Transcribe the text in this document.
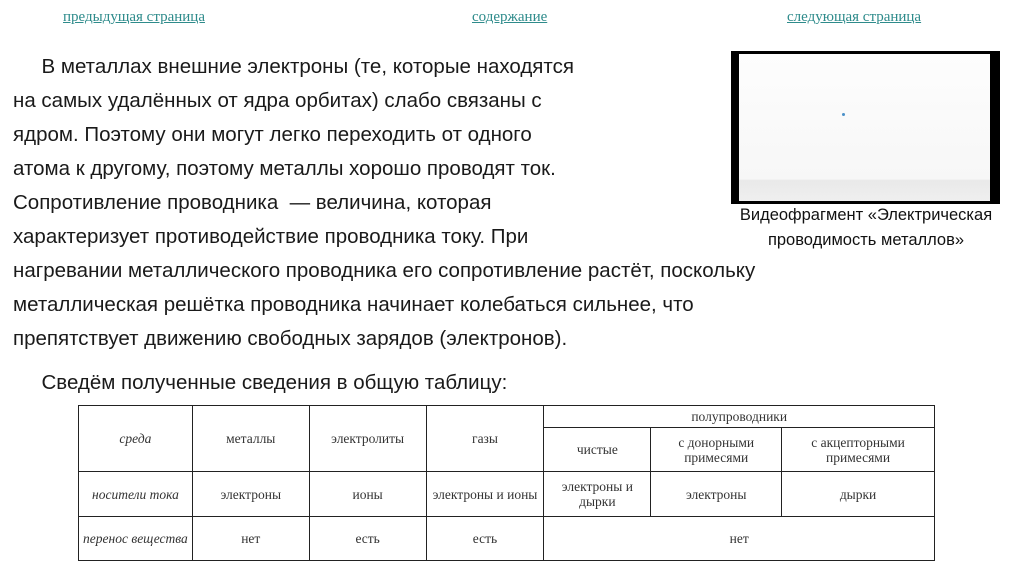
предыдущая страница	содержание	следующая страница
В металлах внешние электроны (те, которые находятся
на самых удалённых от ядра орбитах) слабо связаны с
ядром. Поэтому они могут легко переходить от одного
атома к другому, поэтому металлы хорошо проводят ток.
Сопротивление проводника  — величина, которая
характеризует противодействие проводника току. При
нагревании металлического проводника его сопротивление растёт, поскольку
металлическая решётка проводника начинает колебаться сильнее, что
препятствует движению свободных зарядов (электронов).
Сведём полученные сведения в общую таблицу:
Видеофрагмент «Электрическая
проводимость металлов»
среда	металлы	электролиты	газы	полупроводники		
				чистые	с донорными примесями	с акцепторными примесями
носители тока	электроны	ионы	электроны и ионы	электроны и дырки	электроны	дырки
перенос вещества	нет	есть	есть	нет		
